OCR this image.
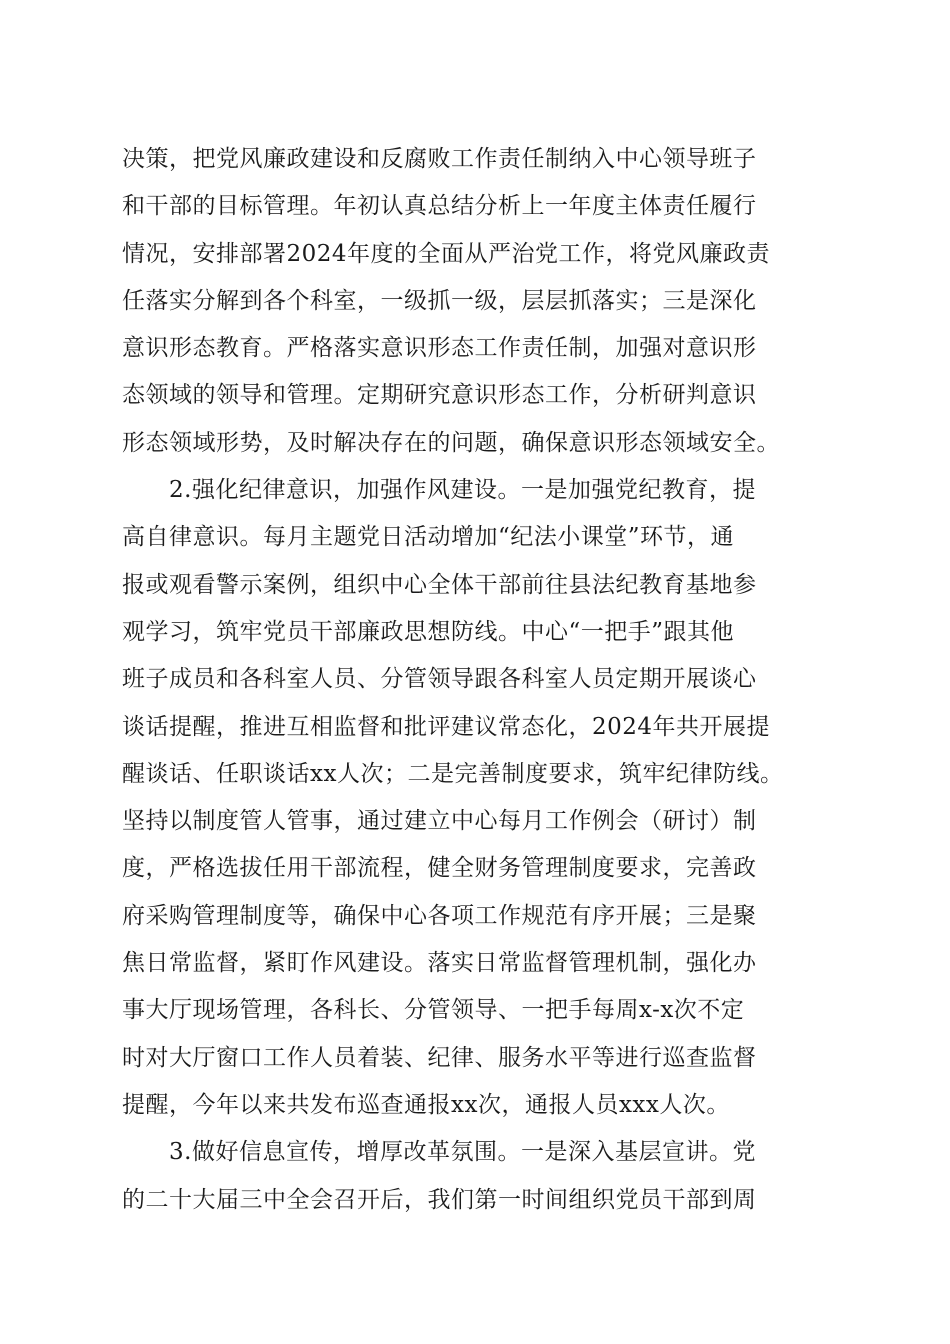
决策，把党风廉政建设和反腐败工作责任制纳入中心领导班子
和干部的目标管理。年初认真总结分析上一年度主体责任履行
情况，安排部署2024年度的全面从严治党工作，将党风廉政责
任落实分解到各个科室，一级抓一级，层层抓落实；三是深化
意识形态教育。严格落实意识形态工作责任制，加强对意识形
态领域的领导和管理。定期研究意识形态工作，分析研判意识
形态领域形势，及时解决存在的问题，确保意识形态领域安全。
2.强化纪律意识，加强作风建设。一是加强党纪教育，提
高自律意识。每月主题党日活动增加“纪法小课堂”环节，通
报或观看警示案例，组织中心全体干部前往县法纪教育基地参
观学习，筑牢党员干部廉政思想防线。中心“一把手”跟其他
班子成员和各科室人员、分管领导跟各科室人员定期开展谈心
谈话提醒，推进互相监督和批评建议常态化，2024年共开展提
醒谈话、任职谈话xx人次；二是完善制度要求，筑牢纪律防线。
坚持以制度管人管事，通过建立中心每月工作例会（研讨）制
度，严格选拔任用干部流程，健全财务管理制度要求，完善政
府采购管理制度等，确保中心各项工作规范有序开展；三是聚
焦日常监督，紧盯作风建设。落实日常监督管理机制，强化办
事大厅现场管理，各科长、分管领导、一把手每周x-x次不定
时对大厅窗口工作人员着装、纪律、服务水平等进行巡查监督
提醒，今年以来共发布巡查通报xx次，通报人员xxx人次。
3.做好信息宣传，增厚改革氛围。一是深入基层宣讲。党
的二十大届三中全会召开后，我们第一时间组织党员干部到周
